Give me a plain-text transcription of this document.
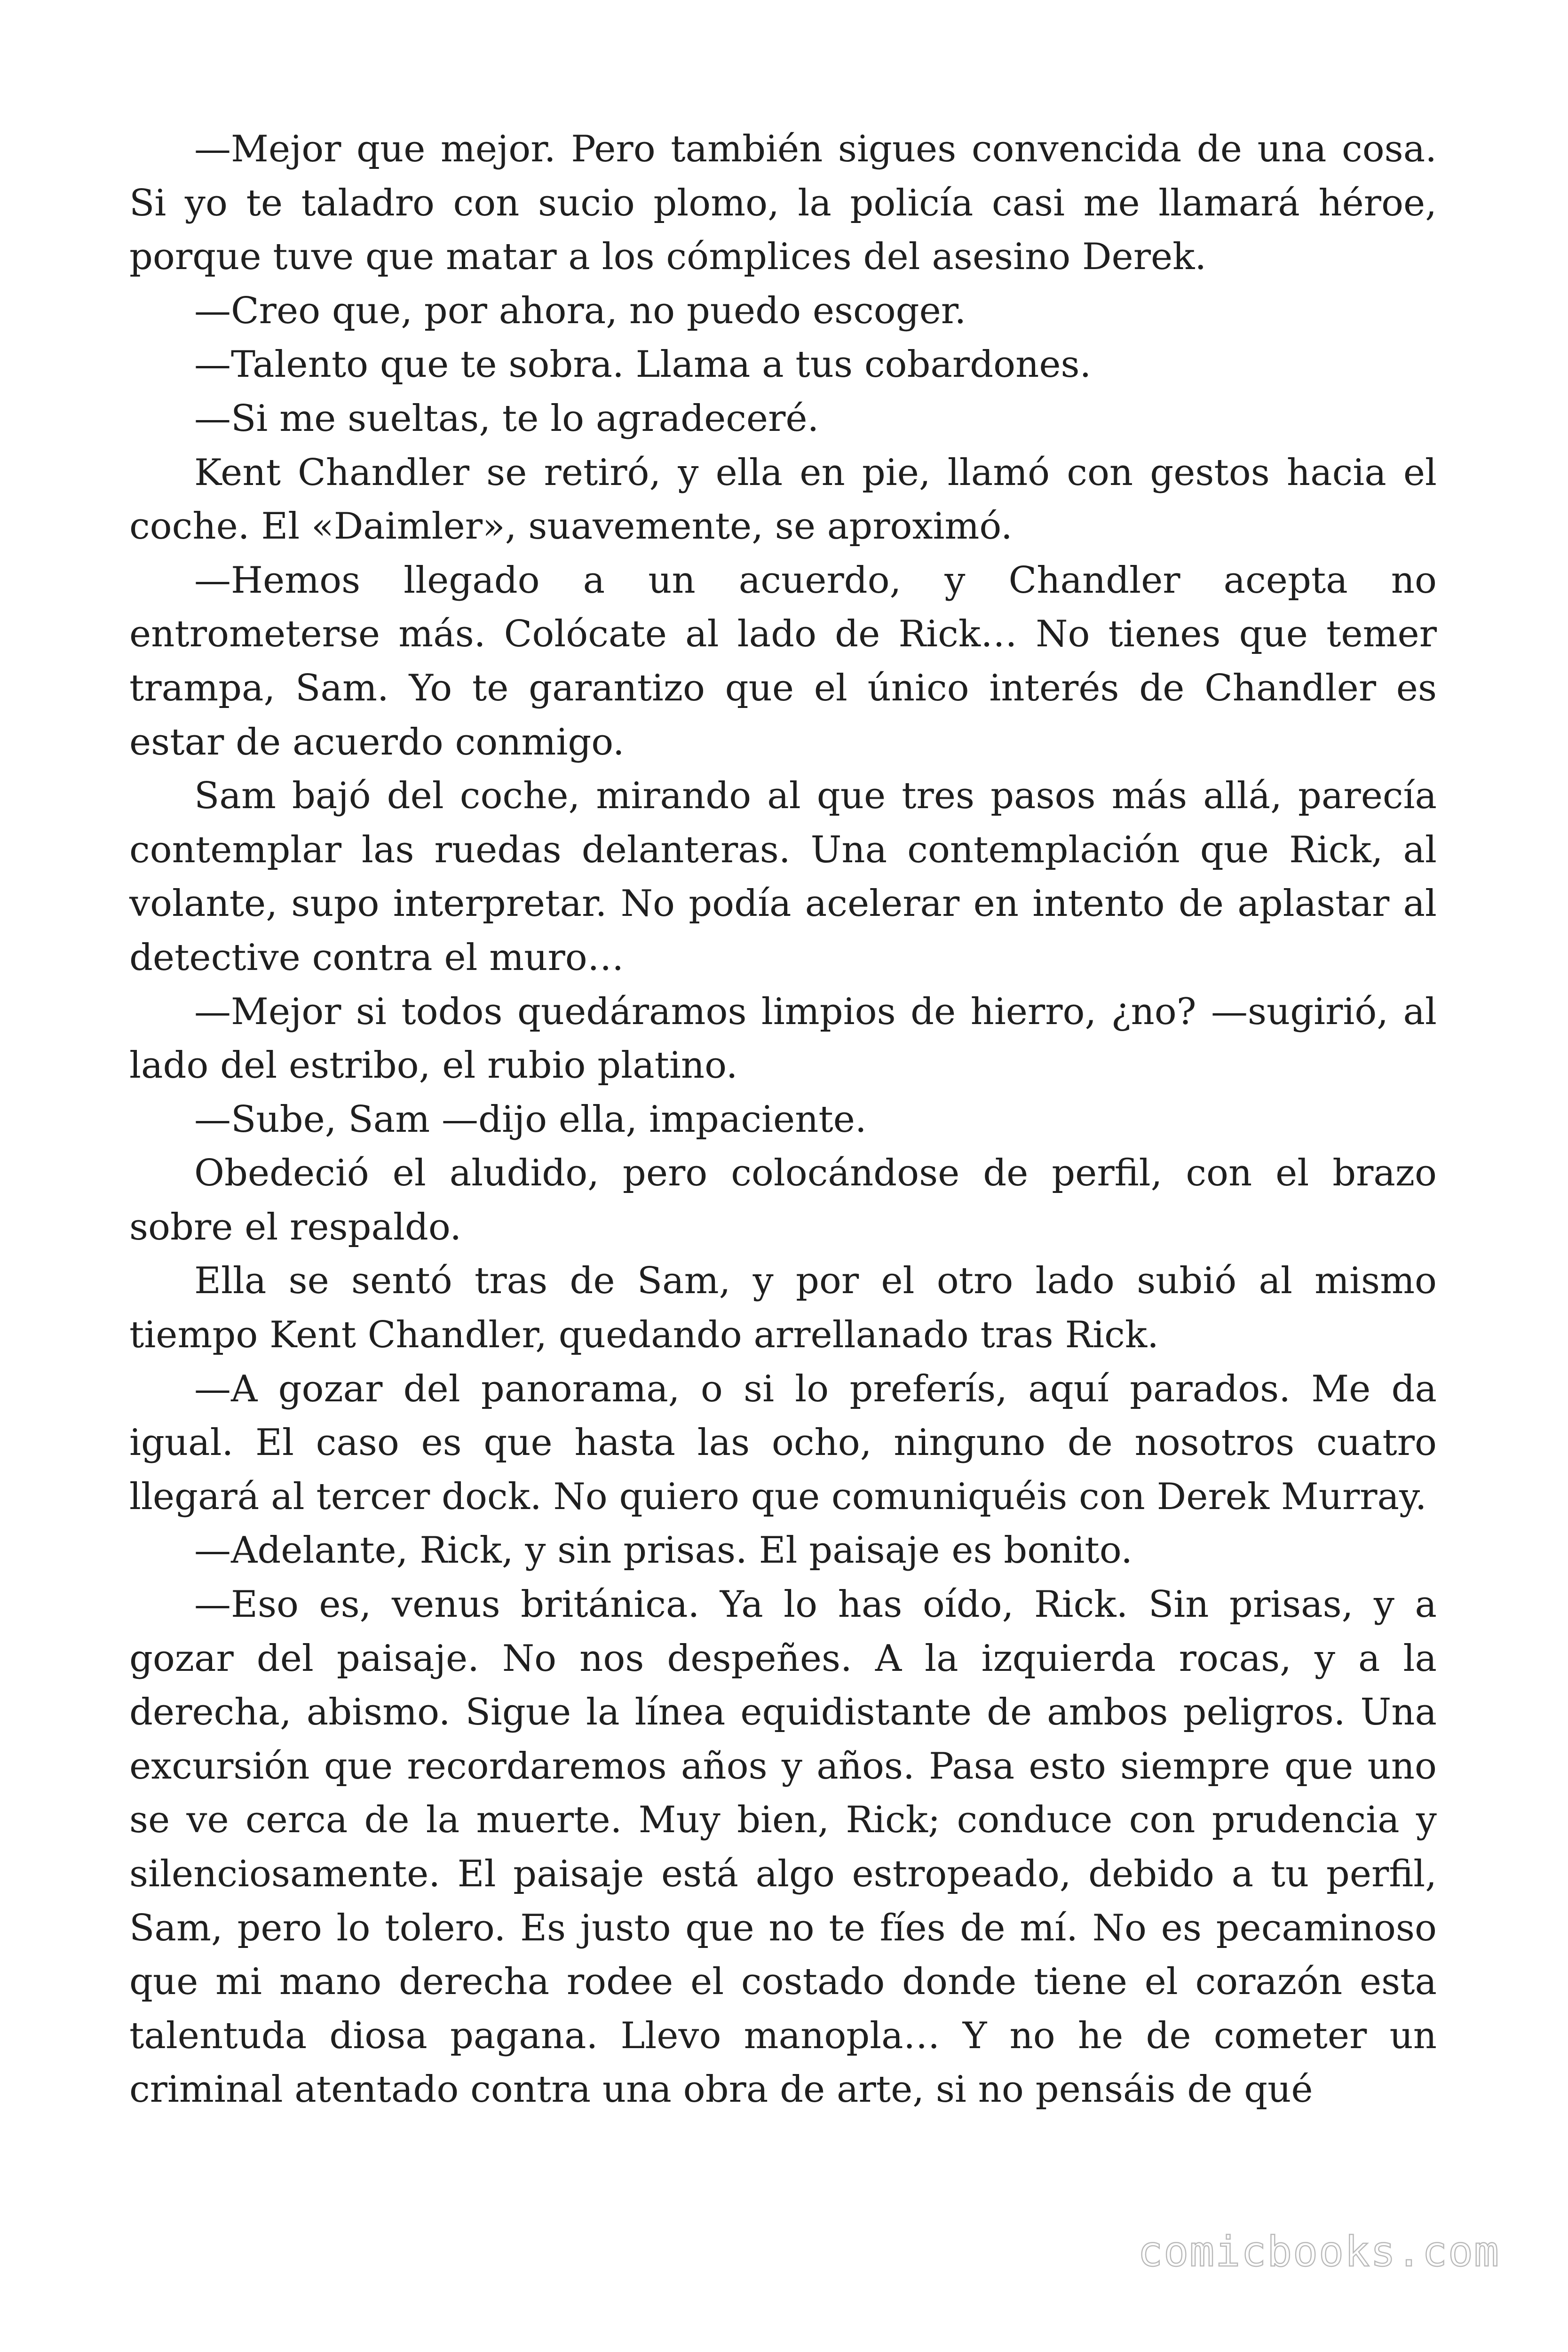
—Mejor que mejor. Pero también sigues convencida de una cosa. Si yo te taladro con sucio plomo, la policía casi me llamará héroe, porque tuve que matar a los cómplices del asesino Derek.

—Creo que, por ahora, no puedo escoger.

—Talento que te sobra. Llama a tus cobardones.

—Si me sueltas, te lo agradeceré.

Kent Chandler se retiró, y ella en pie, llamó con gestos hacia el coche. El «Daimler», suavemente, se aproximó.

—Hemos llegado a un acuerdo, y Chandler acepta no entrometerse más. Colócate al lado de Rick… No tienes que temer trampa, Sam. Yo te garantizo que el único interés de Chandler es estar de acuerdo conmigo.

Sam bajó del coche, mirando al que tres pasos más allá, parecía contemplar las ruedas delanteras. Una contemplación que Rick, al volante, supo interpretar. No podía acelerar en intento de aplastar al detective contra el muro…

—Mejor si todos quedáramos limpios de hierro, ¿no? —sugirió, al lado del estribo, el rubio platino.

—Sube, Sam —dijo ella, impaciente.

Obedeció el aludido, pero colocándose de perfil, con el brazo sobre el respaldo.

Ella se sentó tras de Sam, y por el otro lado subió al mismo tiempo Kent Chandler, quedando arrellanado tras Rick.

—A gozar del panorama, o si lo preferís, aquí parados. Me da igual. El caso es que hasta las ocho, ninguno de nosotros cuatro llegará al tercer dock. No quiero que comuniquéis con Derek Murray.

—Adelante, Rick, y sin prisas. El paisaje es bonito.

—Eso es, venus británica. Ya lo has oído, Rick. Sin prisas, y a gozar del paisaje. No nos despeñes. A la izquierda rocas, y a la derecha, abismo. Sigue la línea equidistante de ambos peligros. Una excursión que recordaremos años y años. Pasa esto siempre que uno se ve cerca de la muerte. Muy bien, Rick; conduce con prudencia y silenciosamente. El paisaje está algo estropeado, debido a tu perfil, Sam, pero lo tolero. Es justo que no te fíes de mí. No es pecaminoso que mi mano derecha rodee el costado donde tiene el corazón esta talentuda diosa pagana. Llevo manopla… Y no he de cometer un criminal atentado contra una obra de arte, si no pensáis de qué

comicbooks.com
